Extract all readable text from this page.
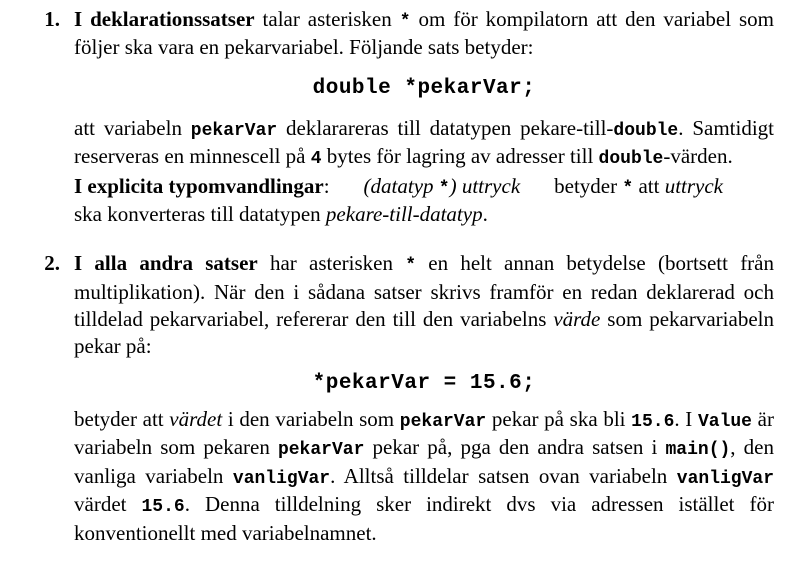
1. I deklarationssatser talar asterisken * om för kompilatorn att den variabel som följer ska vara en pekarvariabel. Följande sats betyder:

double *pekarVar;

att variabeln pekarVar deklarareras till datatypen pekare-till-double. Samtidigt reserveras en minnescell på 4 bytes för lagring av adresser till double-värden.

I explicita typomvandlingar: (datatyp *) uttryck betyder * att uttryck
ska konverteras till datatypen pekare-till-datatyp.

2. I alla andra satser har asterisken * en helt annan betydelse (bortsett från multiplikation). När den i sådana satser skrivs framför en redan deklarerad och tilldelad pekarvariabel, refererar den till den variabelns värde som pekarvariabeln pekar på:

*pekarVar = 15.6;

betyder att värdet i den variabeln som pekarVar pekar på ska bli 15.6. I Value är variabeln som pekaren pekarVar pekar på, pga den andra satsen i main(), den vanliga variabeln vanligVar. Alltså tilldelar satsen ovan variabeln vanligVar värdet 15.6. Denna tilldelning sker indirekt dvs via adressen istället för konventionellt med variabelnamnet.
